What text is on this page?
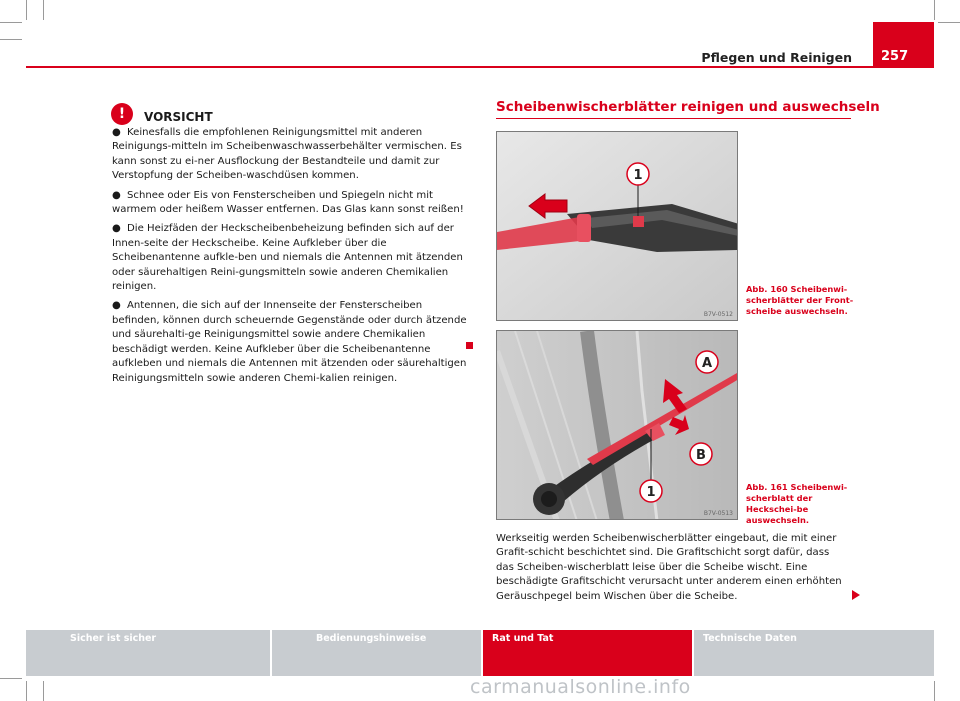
Pflegen und Reinigen 257
!	VORSICHT

● Keinesfalls die empfohlenen Reinigungsmittel mit anderen Reinigungs-mitteln im Scheibenwaschwasserbehälter vermischen. Es kann sonst zu ei-ner Ausflockung der Bestandteile und damit zur Verstopfung der Scheiben-waschdüsen kommen.

● Schnee oder Eis von Fensterscheiben und Spiegeln nicht mit warmem oder heißem Wasser entfernen. Das Glas kann sonst reißen!

● Die Heizfäden der Heckscheibenbeheizung befinden sich auf der Innen-seite der Heckscheibe. Keine Aufkleber über die Scheibenantenne aufkle-ben und niemals die Antennen mit ätzenden oder säurehaltigen Reini-gungsmitteln sowie anderen Chemikalien reinigen.

● Antennen, die sich auf der Innenseite der Fensterscheiben befinden, können durch scheuernde Gegenstände oder durch ätzende und säurehalti-ge Reinigungsmittel sowie andere Chemikalien beschädigt werden. Keine Aufkleber über die Scheibenantenne aufkleben und niemals die Antennen mit ätzenden oder säurehaltigen Reinigungsmitteln sowie anderen Chemi-kalien reinigen.

Scheibenwischerblätter reinigen und auswechseln
1
B7V-0512
Abb. 160 Scheibenwi-scherblätter der Front-scheibe auswechseln.
A
B
1
B7V-0513
Abb. 161 Scheibenwi-scherblatt der Heckschei-be auswechseln.
Werkseitig werden Scheibenwischerblätter eingebaut, die mit einer Grafit-schicht beschichtet sind. Die Grafitschicht sorgt dafür, dass das Scheiben-wischerblatt leise über die Scheibe wischt. Eine beschädigte Grafitschicht verursacht unter anderem einen erhöhten Geräuschpegel beim Wischen über die Scheibe.
Sicher ist sicher	Bedienungshinweise	Rat und Tat	Technische Daten
carmanualsonline.info
